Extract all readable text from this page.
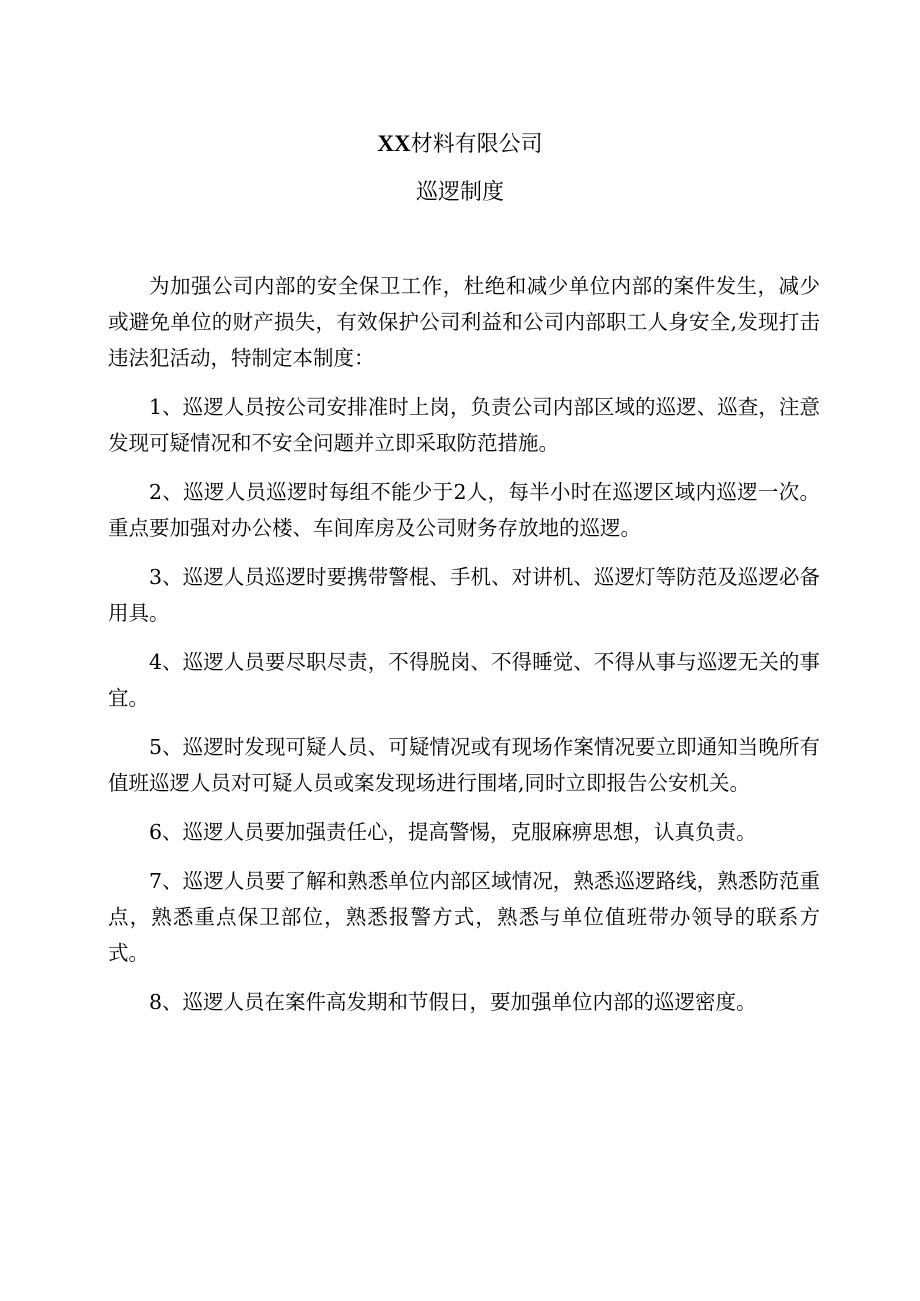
XX材料有限公司
巡逻制度

为加强公司内部的安全保卫工作，杜绝和减少单位内部的案件发生，减少或避免单位的财产损失，有效保护公司利益和公司内部职工人身安全,发现打击违法犯活动，特制定本制度：

1、巡逻人员按公司安排准时上岗，负责公司内部区域的巡逻、巡查，注意发现可疑情况和不安全问题并立即采取防范措施。

2、巡逻人员巡逻时每组不能少于2人，每半小时在巡逻区域内巡逻一次。重点要加强对办公楼、车间库房及公司财务存放地的巡逻。

3、巡逻人员巡逻时要携带警棍、手机、对讲机、巡逻灯等防范及巡逻必备用具。

4、巡逻人员要尽职尽责，不得脱岗、不得睡觉、不得从事与巡逻无关的事宜。

5、巡逻时发现可疑人员、可疑情况或有现场作案情况要立即通知当晚所有值班巡逻人员对可疑人员或案发现场进行围堵,同时立即报告公安机关。

6、巡逻人员要加强责任心，提高警惕，克服麻痹思想，认真负责。

7、巡逻人员要了解和熟悉单位内部区域情况，熟悉巡逻路线，熟悉防范重点，熟悉重点保卫部位，熟悉报警方式，熟悉与单位值班带办领导的联系方式。

8、巡逻人员在案件高发期和节假日，要加强单位内部的巡逻密度。
